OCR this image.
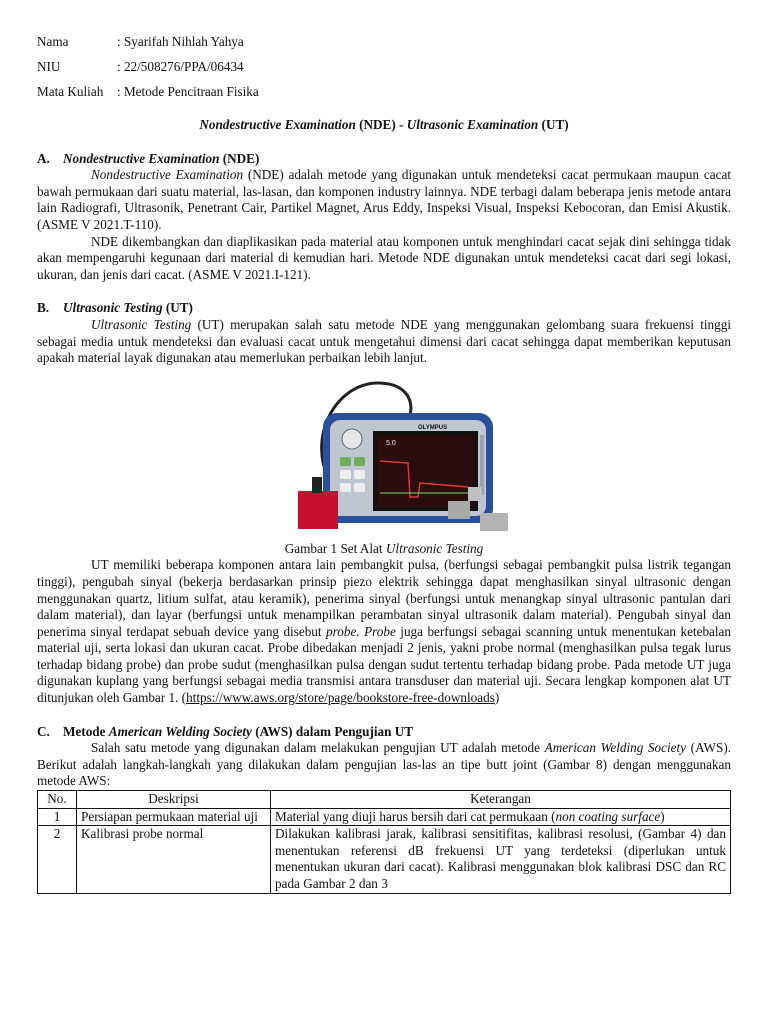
Nama	: Syarifah Nihlah Yahya
NIU	: 22/508276/PPA/06434
Mata Kuliah	: Metode Pencitraan Fisika
Nondestructive Examination (NDE) - Ultrasonic Examination (UT)
A. Nondestructive Examination (NDE)

Nondestructive Examination (NDE) adalah metode yang digunakan untuk mendeteksi cacat permukaan maupun cacat bawah permukaan dari suatu material, las-lasan, dan komponen industry lainnya. NDE terbagi dalam beberapa jenis metode antara lain Radiografi, Ultrasonik, Penetrant Cair, Partikel Magnet, Arus Eddy, Inspeksi Visual, Inspeksi Kebocoran, dan Emisi Akustik. (ASME V 2021.T-110).

NDE dikembangkan dan diaplikasikan pada material atau komponen untuk menghindari cacat sejak dini sehingga tidak akan mempengaruhi kegunaan dari material di kemudian hari. Metode NDE digunakan untuk mendeteksi cacat dari segi lokasi, ukuran, dan jenis dari cacat. (ASME V 2021.I-121).

B.	Ultrasonic Testing (UT)

Ultrasonic Testing (UT) merupakan salah satu metode NDE yang menggunakan gelombang suara frekuensi tinggi sebagai media untuk mendeteksi dan evaluasi cacat untuk mengetahui dimensi dari cacat sehingga dapat memberikan keputusan apakah material layak digunakan atau memerlukan perbaikan lebih lanjut.

5.0
OLYMPUS
Gambar 1 Set Alat Ultrasonic Testing

UT memiliki beberapa komponen antara lain pembangkit pulsa, (berfungsi sebagai pembangkit pulsa listrik tegangan tinggi), pengubah sinyal (bekerja berdasarkan prinsip piezo elektrik sehingga dapat menghasilkan sinyal ultrasonic dengan menggunakan quartz, litium sulfat, atau keramik), penerima sinyal (berfungsi untuk menangkap sinyal ultrasonic pantulan dari dalam material), dan layar (berfungsi untuk menampilkan perambatan sinyal ultrasonik dalam material). Pengubah sinyal dan penerima sinyal terdapat sebuah device yang disebut probe. Probe juga berfungsi sebagai scanning untuk menentukan ketebalan material uji, serta lokasi dan ukuran cacat. Probe dibedakan menjadi 2 jenis, yakni probe normal (menghasilkan pulsa tegak lurus terhadap bidang probe) dan probe sudut (menghasilkan pulsa dengan sudut tertentu terhadap bidang probe. Pada metode UT juga digunakan kuplang yang berfungsi sebagai media transmisi antara transduser dan material uji. Secara lengkap komponen alat UT ditunjukan oleh Gambar 1. (https://www.aws.org/store/page/bookstore-free-downloads)

C. Metode American Welding Society (AWS) dalam Pengujian UT

Salah satu metode yang digunakan dalam melakukan pengujian UT adalah metode American Welding Society (AWS). Berikut adalah langkah-langkah yang dilakukan dalam pengujian las-las an tipe butt joint (Gambar 8) dengan menggunakan metode AWS:

No.	Deskripsi	Keterangan
1	Persiapan permukaan material uji	Material yang diuji harus bersih dari cat permukaan (non coating surface)
2	Kalibrasi probe normal	Dilakukan kalibrasi jarak, kalibrasi sensitifitas, kalibrasi resolusi, (Gambar 4) dan menentukan referensi dB frekuensi UT yang terdeteksi (diperlukan untuk menentukan ukuran dari cacat). Kalibrasi menggunakan blok kalibrasi DSC dan RC pada Gambar 2 dan 3
